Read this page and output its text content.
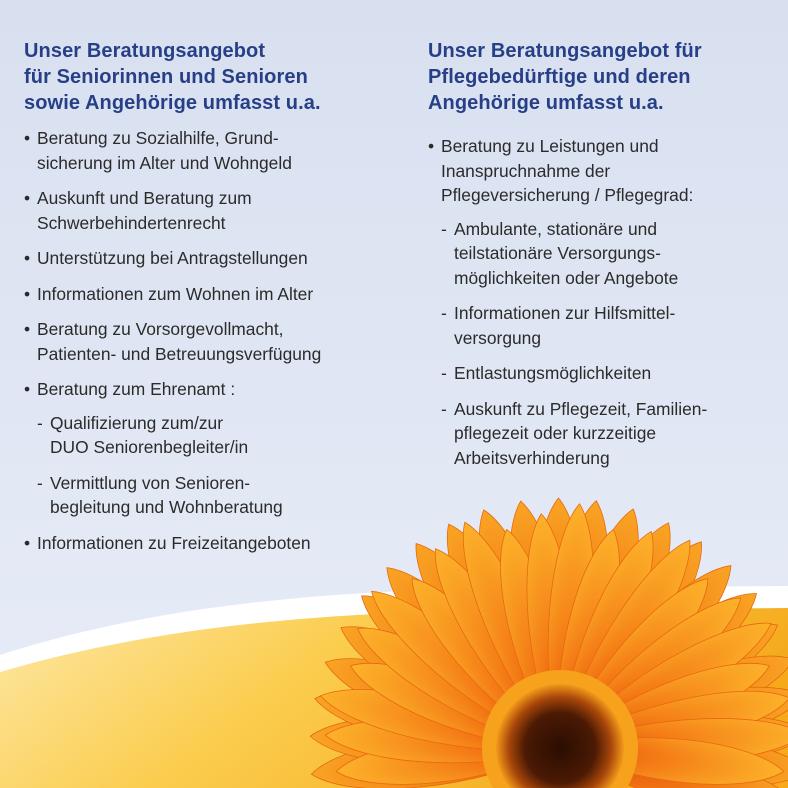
Unser Beratungsangebot
für Seniorinnen und Senioren
sowie Angehörige umfasst u.a.
• Beratung zu Sozialhilfe, Grund-
sicherung im Alter und Wohngeld
• Auskunft und Beratung zum
Schwerbehindertenrecht
• Unterstützung bei Antragstellungen
• Informationen zum Wohnen im Alter
• Beratung zu Vorsorgevollmacht,
Patienten- und Betreuungsverfügung
• Beratung zum Ehrenamt :
- Qualifizierung zum/zur
DUO Seniorenbegleiter/in
- Vermittlung von Senioren-
begleitung und Wohnberatung
• Informationen zu Freizeitangeboten
Unser Beratungsangebot für
Pflegebedürftige und deren
Angehörige umfasst u.a.
• Beratung zu Leistungen und
Inanspruchnahme der
Pflegeversicherung / Pflegegrad:
- Ambulante, stationäre und
teilstationäre Versorgungs-
möglichkeiten oder Angebote
- Informationen zur Hilfsmittel-
versorgung
- Entlastungsmöglichkeiten
- Auskunft zu Pflegezeit, Familien-
pflegezeit oder kurzzeitige
Arbeitsverhinderung
